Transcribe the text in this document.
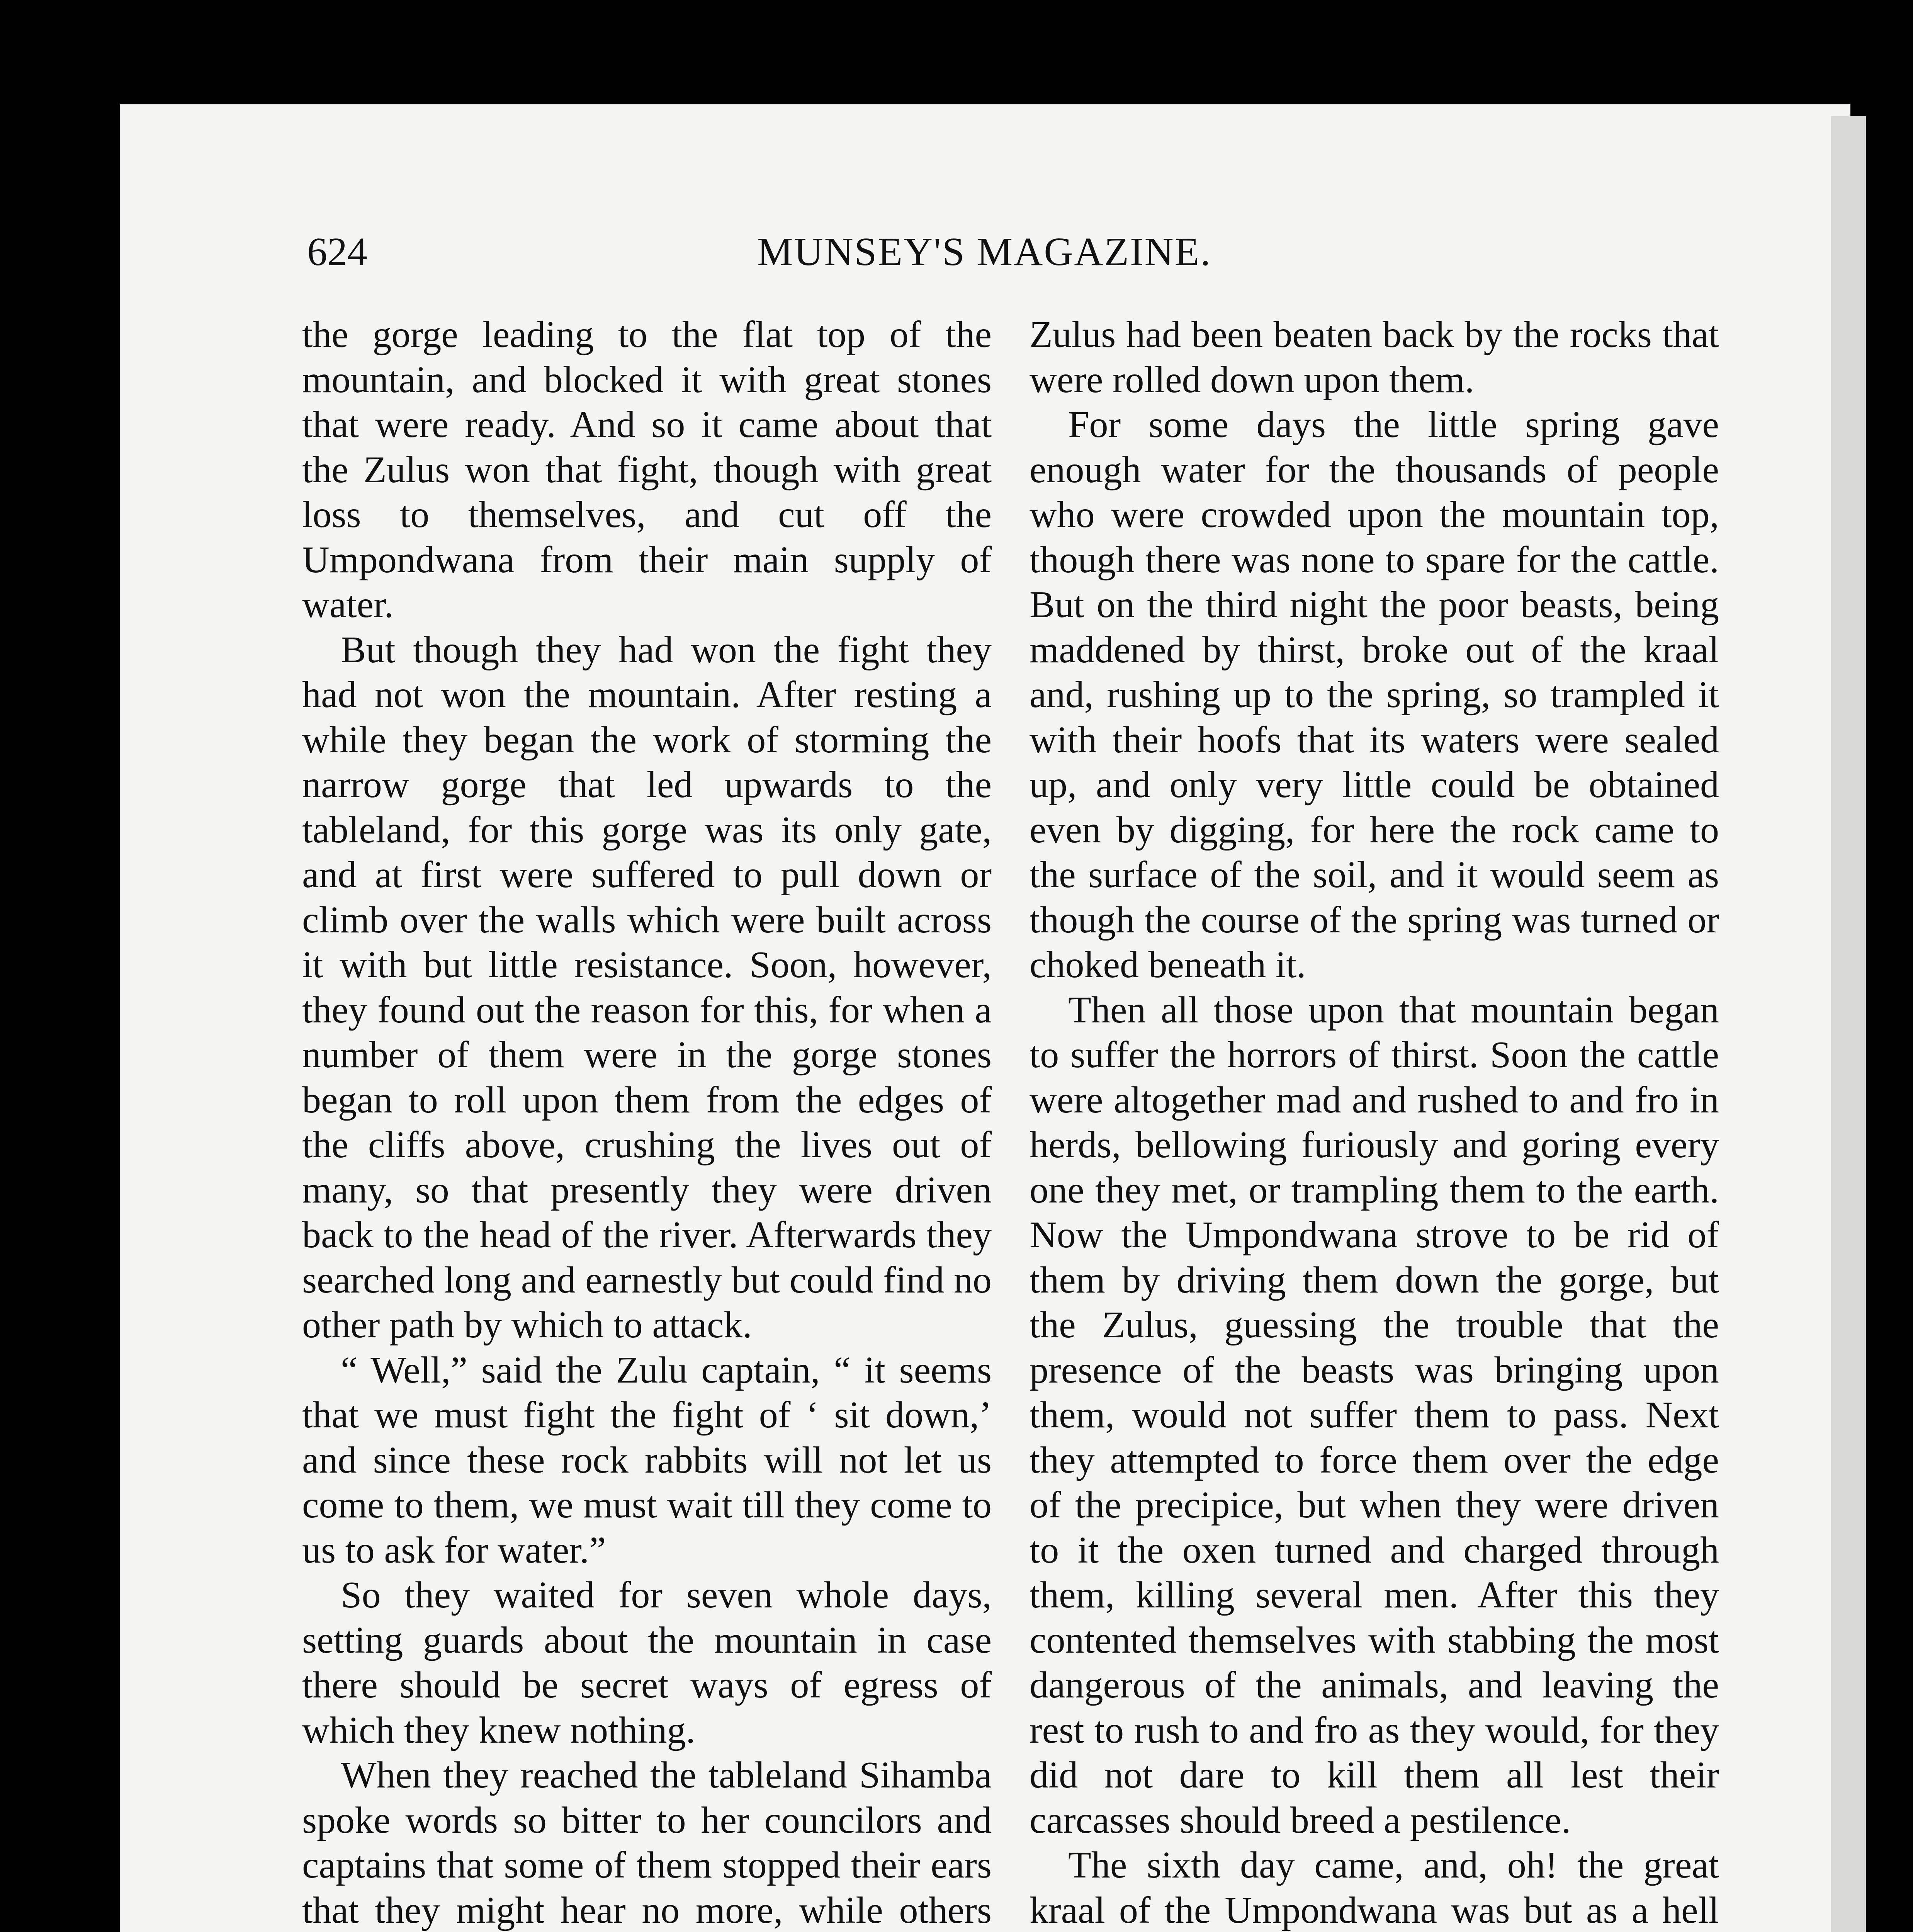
624	MUNSEY'S MAGAZINE.

the gorge leading to the flat top of the mountain, and blocked it with great stones that were ready. And so it came about that the Zulus won that fight, though with great loss to themselves, and cut off the Umpondwana from their main supply of water.

But though they had won the fight they had not won the mountain. After resting a while they began the work of storming the narrow gorge that led upwards to the tableland, for this gorge was its only gate, and at first were suffered to pull down or climb over the walls which were built across it with but little resistance. Soon, however, they found out the reason for this, for when a number of them were in the gorge stones began to roll upon them from the edges of the cliffs above, crushing the lives out of many, so that presently they were driven back to the head of the river. Afterwards they searched long and earnestly but could find no other path by which to attack.

“ Well,” said the Zulu captain, “ it seems that we must fight the fight of ‘ sit down,’ and since these rock rabbits will not let us come to them, we must wait till they come to us to ask for water.”

So they waited for seven whole days, setting guards about the mountain in case there should be secret ways of egress of which they knew nothing.

When they reached the tableland Sihamba spoke words so bitter to her councilors and captains that some of them stopped their ears that they might hear no more, while others

Zulus had been beaten back by the rocks that were rolled down upon them.

For some days the little spring gave enough water for the thousands of people who were crowded upon the mountain top, though there was none to spare for the cattle. But on the third night the poor beasts, being maddened by thirst, broke out of the kraal and, rushing up to the spring, so trampled it with their hoofs that its waters were sealed up, and only very little could be obtained even by digging, for here the rock came to the surface of the soil, and it would seem as though the course of the spring was turned or choked beneath it.

Then all those upon that mountain began to suffer the horrors of thirst. Soon the cattle were altogether mad and rushed to and fro in herds, bellowing furiously and goring every one they met, or trampling them to the earth. Now the Umpondwana strove to be rid of them by driving them down the gorge, but the Zulus, guessing the trouble that the presence of the beasts was bringing upon them, would not suffer them to pass. Next they attempted to force them over the edge of the precipice, but when they were driven to it the oxen turned and charged through them, killing several men. After this they contented themselves with stabbing the most dangerous of the animals, and leaving the rest to rush to and fro as they would, for they did not dare to kill them all lest their carcasses should breed a pestilence.

The sixth day came, and, oh! the great kraal of the Umpondwana was but as a hell
